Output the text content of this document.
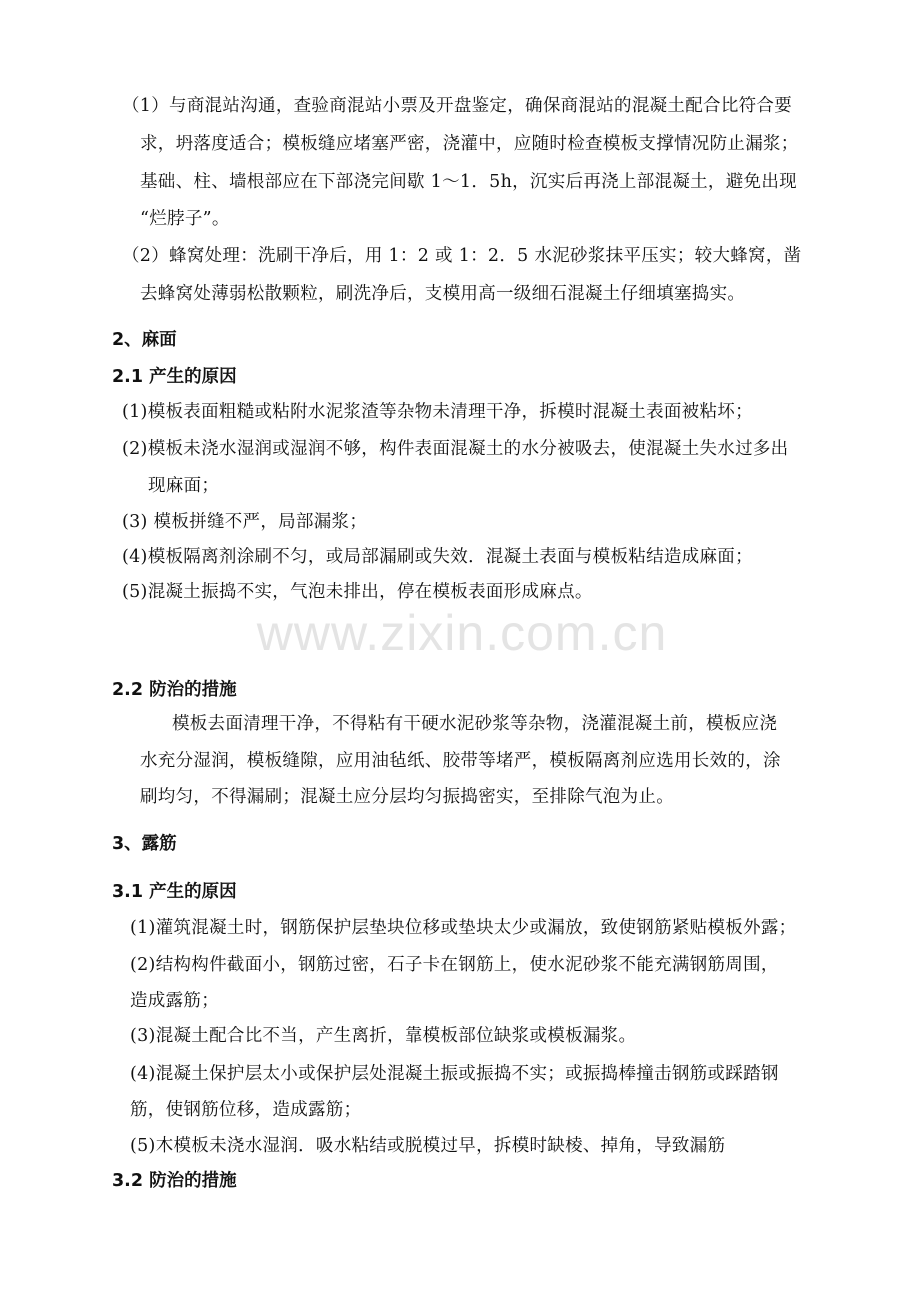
www.zixin.com.cn
（1）与商混站沟通，查验商混站小票及开盘鉴定，确保商混站的混凝土配合比符合要
求，坍落度适合；模板缝应堵塞严密，浇灌中，应随时检查模板支撑情况防止漏浆；
基础、柱、墙根部应在下部浇完间歇 1～1．5h，沉实后再浇上部混凝土，避免出现
“烂脖子”。
（2）蜂窝处理：洗刷干净后，用 1：2 或 1：2．5 水泥砂浆抹平压实；较大蜂窝，凿
去蜂窝处薄弱松散颗粒，刷洗净后，支模用高一级细石混凝土仔细填塞捣实。
2、麻面
2.1 产生的原因
(1)模板表面粗糙或粘附水泥浆渣等杂物未清理干净，拆模时混凝土表面被粘坏；
(2)模板未浇水湿润或湿润不够，构件表面混凝土的水分被吸去，使混凝土失水过多出
现麻面；
(3) 模板拼缝不严，局部漏浆；
(4)模板隔离剂涂刷不匀，或局部漏刷或失效．混凝土表面与模板粘结造成麻面；
(5)混凝土振捣不实，气泡未排出，停在模板表面形成麻点。
2.2 防治的措施
模板去面清理干净，不得粘有干硬水泥砂浆等杂物，浇灌混凝土前，模板应浇
水充分湿润，模板缝隙，应用油毡纸、胶带等堵严，模板隔离剂应选用长效的，涂
刷均匀，不得漏刷；混凝土应分层均匀振捣密实，至排除气泡为止。
3、露筋
3.1 产生的原因
(1)灌筑混凝土时，钢筋保护层垫块位移或垫块太少或漏放，致使钢筋紧贴模板外露；
(2)结构构件截面小，钢筋过密，石子卡在钢筋上，使水泥砂浆不能充满钢筋周围，
造成露筋；
(3)混凝土配合比不当，产生离折，靠模板部位缺浆或模板漏浆。
(4)混凝土保护层太小或保护层处混凝土振或振捣不实；或振捣棒撞击钢筋或踩踏钢
筋，使钢筋位移，造成露筋；
(5)木模板未浇水湿润．吸水粘结或脱模过早，拆模时缺棱、掉角，导致漏筋
3.2 防治的措施
